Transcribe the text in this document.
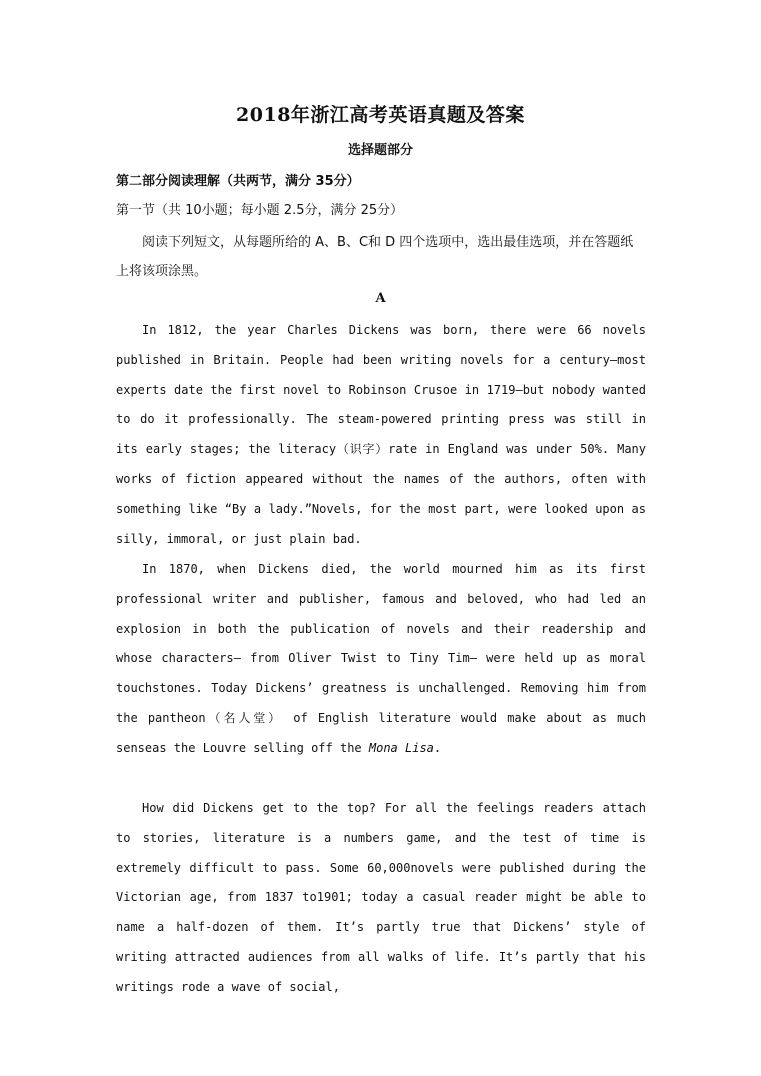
2018年浙江高考英语真题及答案
选择题部分
第二部分阅读理解（共两节，满分 35分）
第一节（共 10小题；每小题 2.5分，满分 25分）
阅读下列短文，从每题所给的 A、B、C和 D 四个选项中，选出最佳选项，并在答题纸上将该项涂黑。
A
In 1812, the year Charles Dickens was born, there were 66 novels published in Britain. People had been writing novels for a century—most experts date the first novel to Robinson Crusoe in 1719—but nobody wanted to do it professionally. The steam-powered printing press was still in its early stages; the literacy（识字）rate in England was under 50%. Many works of fiction appeared without the names of the authors, often with something like “By a lady.”Novels, for the most part, were looked upon as silly, immoral, or just plain bad.
In 1870, when Dickens died, the world mourned him as its first professional writer and publisher, famous and beloved, who had led an explosion in both the publication of novels and their readership and whose characters— from Oliver Twist to Tiny Tim— were held up as moral touchstones. Today Dickens’ greatness is unchallenged. Removing him from the pantheon（名人堂） of English literature would make about as much senseas the Louvre selling off the Mona Lisa.
How did Dickens get to the top? For all the feelings readers attach to stories, literature is a numbers game, and the test of time is extremely difficult to pass. Some 60,000novels were published during the Victorian age, from 1837 to1901; today a casual reader might be able to name a half-dozen of them. It’s partly true that Dickens’ style of writing attracted audiences from all walks of life. It’s partly that his writings rode a wave of social,
